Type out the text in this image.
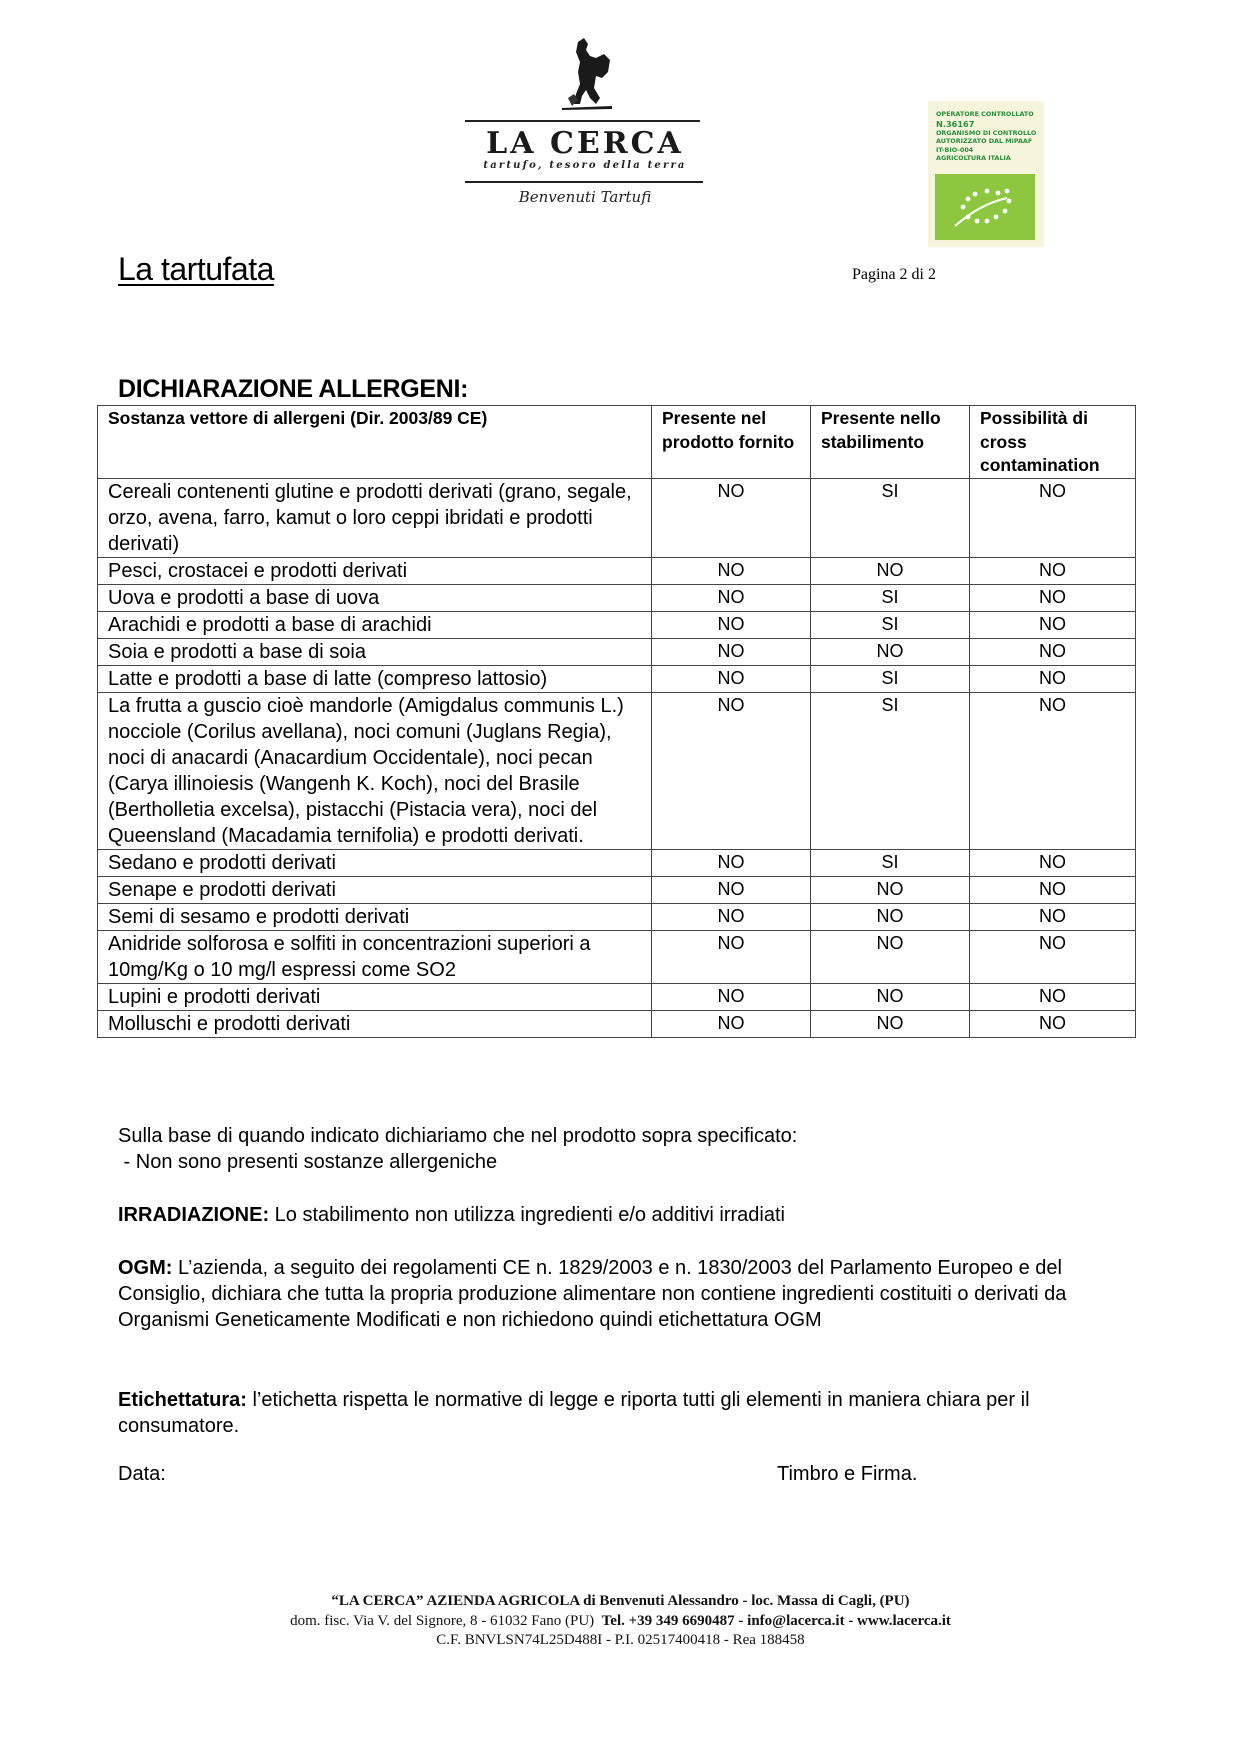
LA CERCA
tartufo, tesoro della terra
Benvenuti Tartufi
OPERATORE CONTROLLATO
N.36167
ORGANISMO DI CONTROLLO
AUTORIZZATO DAL MiPAAF
IT-BIO-004
AGRICOLTURA ITALIA
La tartufata	Pagina 2 di 2
DICHIARAZIONE ALLERGENI:
Sostanza vettore di allergeni (Dir. 2003/89 CE)	Presente nel prodotto fornito	Presente nello stabilimento	Possibilità di cross contamination
Cereali contenenti glutine e prodotti derivati (grano, segale, orzo, avena, farro, kamut o loro ceppi ibridati e prodotti derivati)	NO	SI	NO
Pesci, crostacei e prodotti derivati	NO	NO	NO
Uova e prodotti a base di uova	NO	SI	NO
Arachidi e prodotti a base di arachidi	NO	SI	NO
Soia e prodotti a base di soia	NO	NO	NO
Latte e prodotti a base di latte (compreso lattosio)	NO	SI	NO
La frutta a guscio cioè mandorle (Amigdalus communis L.) nocciole (Corilus avellana), noci comuni (Juglans Regia), noci di anacardi (Anacardium Occidentale), noci pecan (Carya illinoiesis (Wangenh K. Koch), noci del Brasile (Bertholletia excelsa), pistacchi (Pistacia vera), noci del Queensland (Macadamia ternifolia) e prodotti derivati.	NO	SI	NO
Sedano e prodotti derivati	NO	SI	NO
Senape e prodotti derivati	NO	NO	NO
Semi di sesamo e prodotti derivati	NO	NO	NO
Anidride solforosa e solfiti in concentrazioni superiori a 10mg/Kg o 10 mg/l espressi come SO2	NO	NO	NO
Lupini e prodotti derivati	NO	NO	NO
Molluschi e prodotti derivati	NO	NO	NO
Sulla base di quando indicato dichiariamo che nel prodotto sopra specificato:
- Non sono presenti sostanze allergeniche
IRRADIAZIONE: Lo stabilimento non utilizza ingredienti e/o additivi irradiati
OGM: L’azienda, a seguito dei regolamenti CE n. 1829/2003 e n. 1830/2003 del Parlamento Europeo e del Consiglio, dichiara che tutta la propria produzione alimentare non contiene ingredienti costituiti o derivati da Organismi Geneticamente Modificati e non richiedono quindi etichettatura OGM
Etichettatura: l’etichetta rispetta le normative di legge e riporta tutti gli elementi in maniera chiara per il consumatore.
Data:	Timbro e Firma.
“LA CERCA” AZIENDA AGRICOLA di Benvenuti Alessandro - loc. Massa di Cagli, (PU)
dom. fisc. Via V. del Signore, 8 - 61032 Fano (PU) Tel. +39 349 6690487 - info@lacerca.it - www.lacerca.it
C.F. BNVLSN74L25D488I - P.I. 02517400418 - Rea 188458
